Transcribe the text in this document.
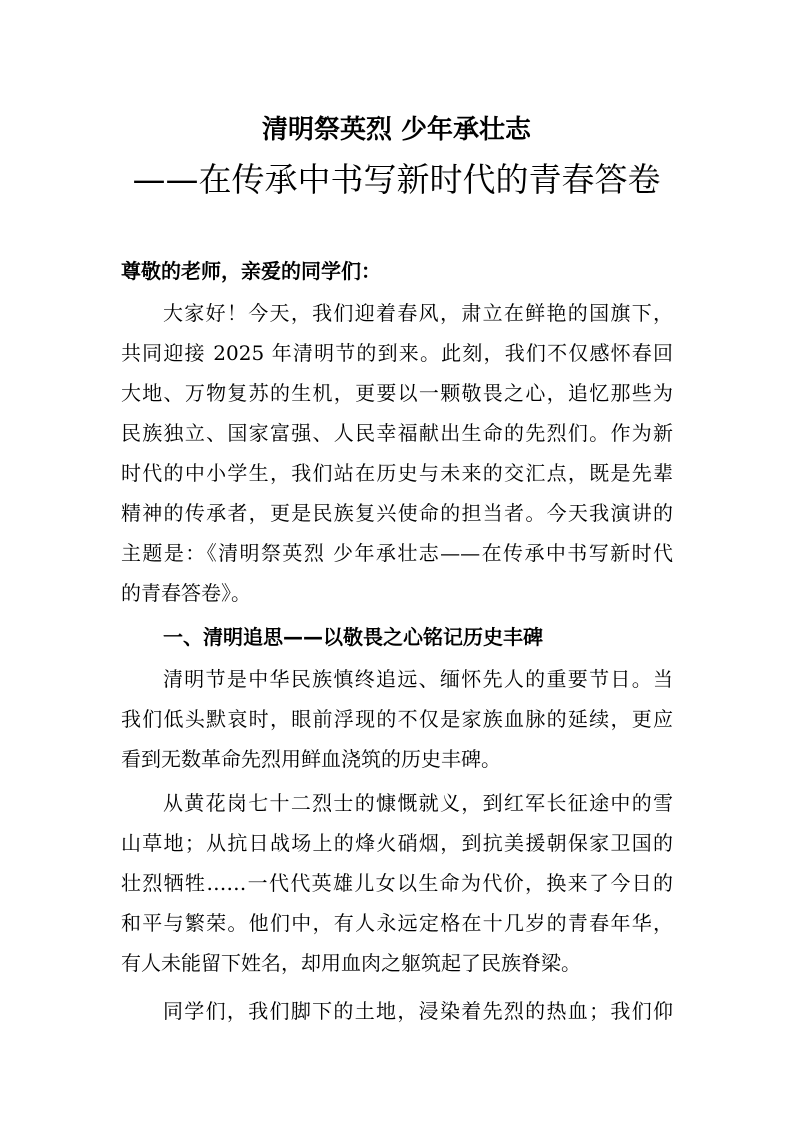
清明祭英烈 少年承壮志
——在传承中书写新时代的青春答卷
尊敬的老师，亲爱的同学们：
大家好！今天，我们迎着春风，肃立在鲜艳的国旗下，
共同迎接 2025 年清明节的到来。此刻，我们不仅感怀春回
大地、万物复苏的生机，更要以一颗敬畏之心，追忆那些为
民族独立、国家富强、人民幸福献出生命的先烈们。作为新
时代的中小学生，我们站在历史与未来的交汇点，既是先辈
精神的传承者，更是民族复兴使命的担当者。今天我演讲的
主题是：《清明祭英烈 少年承壮志——在传承中书写新时代
的青春答卷》。
一、清明追思——以敬畏之心铭记历史丰碑
清明节是中华民族慎终追远、缅怀先人的重要节日。当
我们低头默哀时，眼前浮现的不仅是家族血脉的延续，更应
看到无数革命先烈用鲜血浇筑的历史丰碑。
从黄花岗七十二烈士的慷慨就义，到红军长征途中的雪
山草地；从抗日战场上的烽火硝烟，到抗美援朝保家卫国的
壮烈牺牲……一代代英雄儿女以生命为代价，换来了今日的
和平与繁荣。他们中，有人永远定格在十几岁的青春年华，
有人未能留下姓名，却用血肉之躯筑起了民族脊梁。
同学们，我们脚下的土地，浸染着先烈的热血；我们仰
